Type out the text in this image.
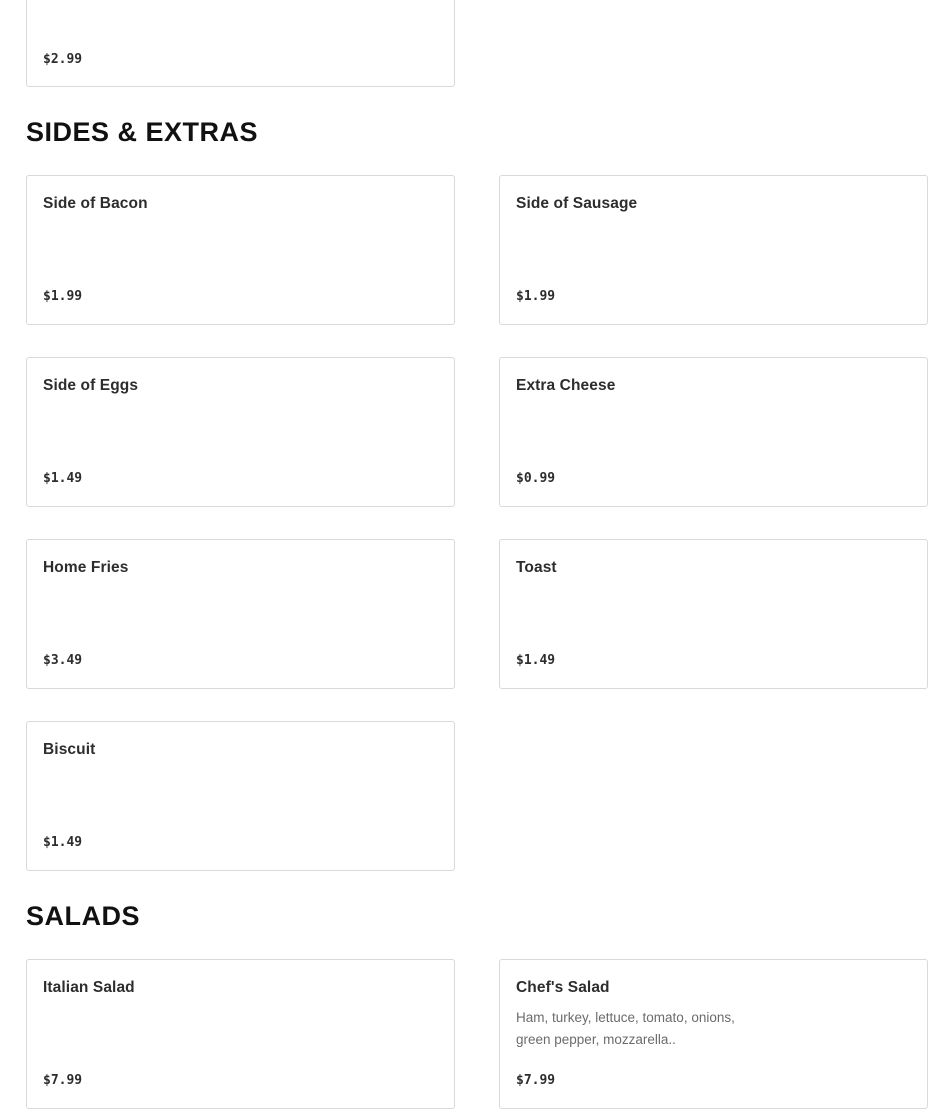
$2.99
SIDES & EXTRAS
Side of Bacon
$1.99
Side of Sausage
$1.99
Side of Eggs
$1.49
Extra Cheese
$0.99
Home Fries
$3.49
Toast
$1.49
Biscuit
$1.49
SALADS
Italian Salad
$7.99
Chef's Salad
Ham, turkey, lettuce, tomato, onions, green pepper, mozzarella..
$7.99
